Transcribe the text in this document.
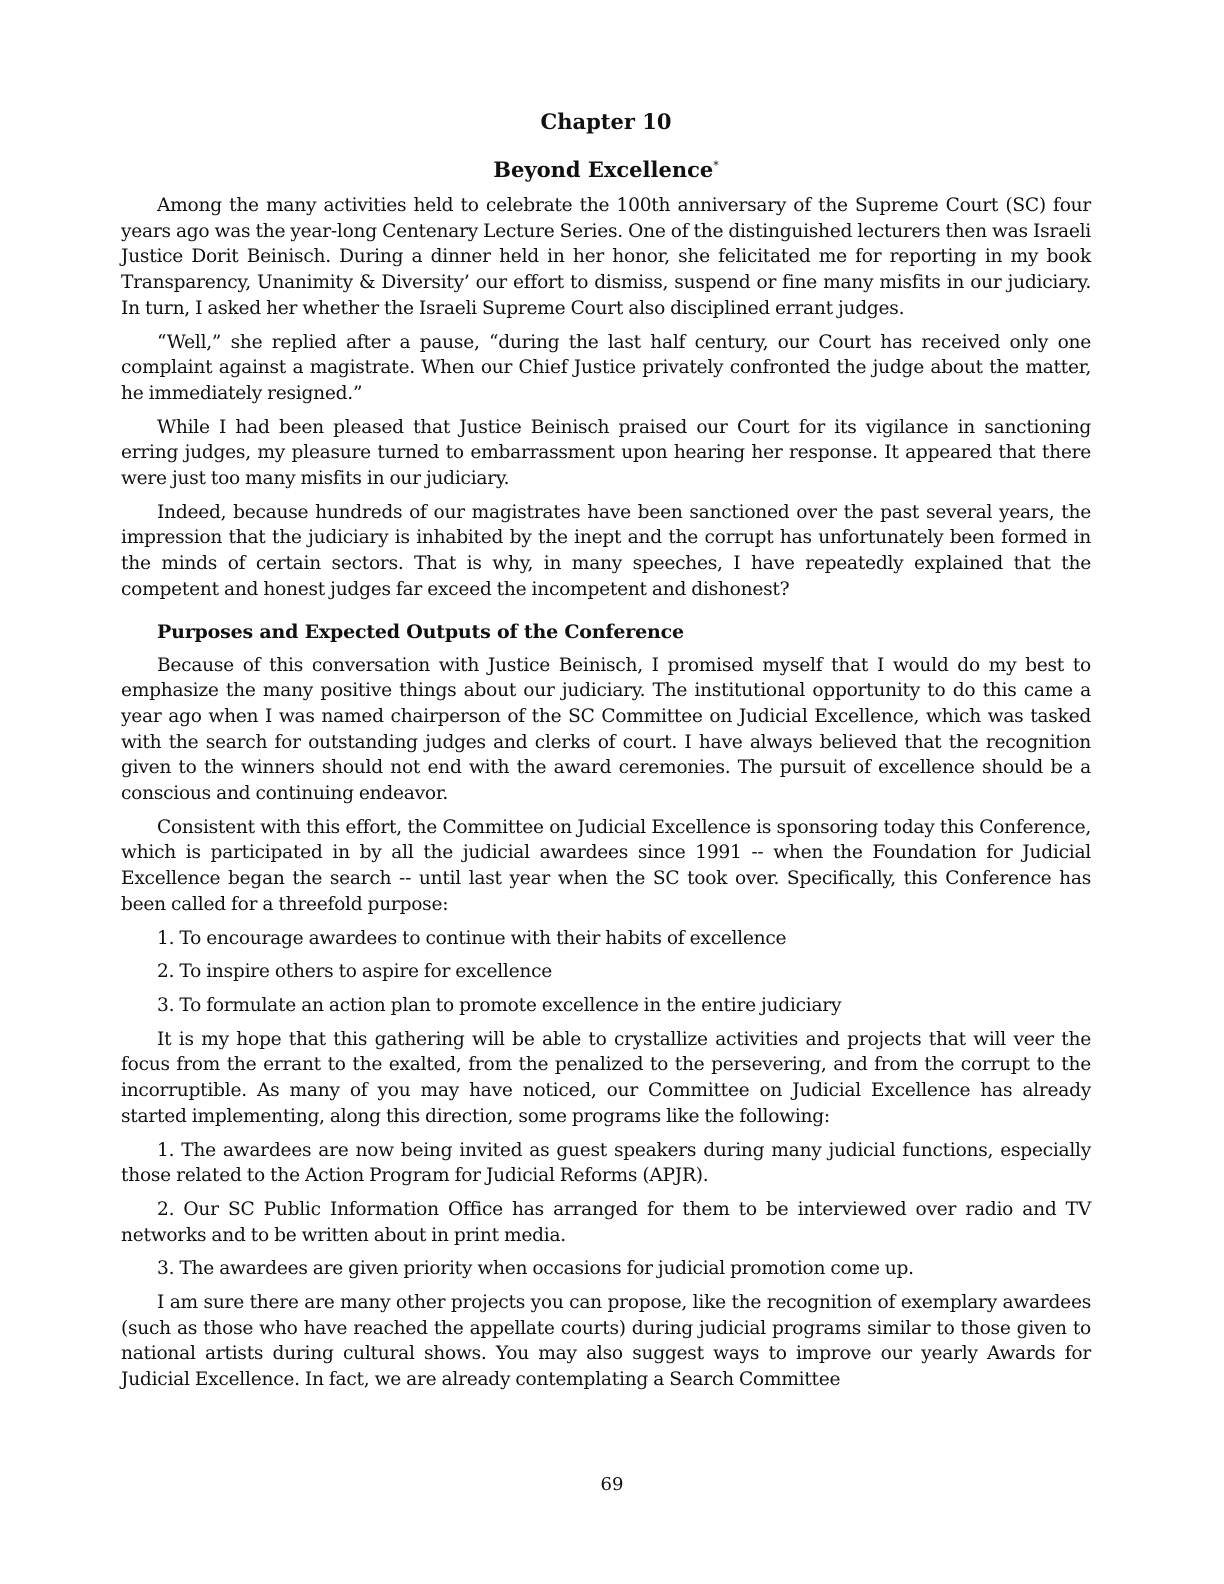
Chapter 10
Beyond Excellence*

Among the many activities held to celebrate the 100th anniversary of the Supreme Court (SC) four years ago was the year-long Centenary Lecture Series. One of the distinguished lecturers then was Israeli Justice Dorit Beinisch. During a dinner held in her honor, she felicitated me for reporting in my book Transparency, Unanimity & Diversity’ our effort to dismiss, suspend or fine many misfits in our judiciary. In turn, I asked her whether the Israeli Supreme Court also disciplined errant judges.

“Well,” she replied after a pause, “during the last half century, our Court has received only one complaint against a magistrate. When our Chief Justice privately confronted the judge about the matter, he immediately resigned.”

While I had been pleased that Justice Beinisch praised our Court for its vigilance in sanctioning erring judges, my pleasure turned to embarrassment upon hearing her response. It appeared that there were just too many misfits in our judiciary.

Indeed, because hundreds of our magistrates have been sanctioned over the past several years, the impression that the judiciary is inhabited by the inept and the corrupt has unfortunately been formed in the minds of certain sectors. That is why, in many speeches, I have repeatedly explained that the competent and honest judges far exceed the incompetent and dishonest?

Purposes and Expected Outputs of the Conference

Because of this conversation with Justice Beinisch, I promised myself that I would do my best to emphasize the many positive things about our judiciary. The institutional opportunity to do this came a year ago when I was named chairperson of the SC Committee on Judicial Excellence, which was tasked with the search for outstanding judges and clerks of court. I have always believed that the recognition given to the winners should not end with the award ceremonies. The pursuit of excellence should be a conscious and continuing endeavor.

Consistent with this effort, the Committee on Judicial Excellence is sponsoring today this Conference, which is participated in by all the judicial awardees since 1991 -- when the Foundation for Judicial Excellence began the search -- until last year when the SC took over. Specifically, this Conference has been called for a threefold purpose:

1. To encourage awardees to continue with their habits of excellence

2. To inspire others to aspire for excellence

3. To formulate an action plan to promote excellence in the entire judiciary

It is my hope that this gathering will be able to crystallize activities and projects that will veer the focus from the errant to the exalted, from the penalized to the persevering, and from the corrupt to the incorruptible. As many of you may have noticed, our Committee on Judicial Excellence has already started implementing, along this direction, some programs like the following:

1. The awardees are now being invited as guest speakers during many judicial functions, especially those related to the Action Program for Judicial Reforms (APJR).

2. Our SC Public Information Office has arranged for them to be interviewed over radio and TV networks and to be written about in print media.

3. The awardees are given priority when occasions for judicial promotion come up.

I am sure there are many other projects you can propose, like the recognition of exemplary awardees (such as those who have reached the appellate courts) during judicial programs similar to those given to national artists during cultural shows. You may also suggest ways to improve our yearly Awards for Judicial Excellence. In fact, we are already contemplating a Search Committee

69
